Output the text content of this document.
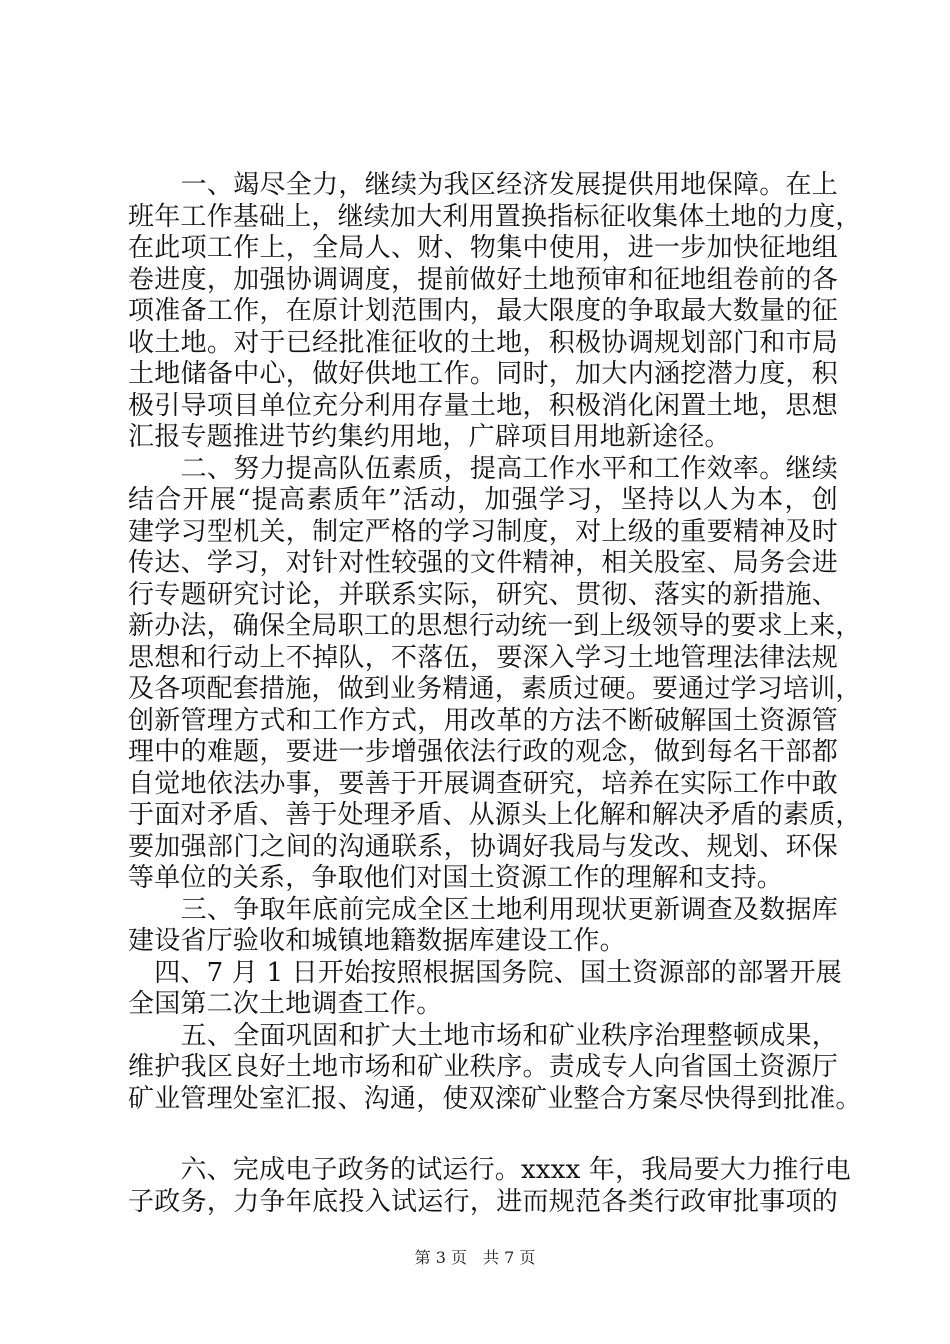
　　一、竭尽全力，继续为我区经济发展提供用地保障。在上
班年工作基础上，继续加大利用置换指标征收集体土地的力度，
在此项工作上，全局人、财、物集中使用，进一步加快征地组
卷进度，加强协调调度，提前做好土地预审和征地组卷前的各
项准备工作，在原计划范围内，最大限度的争取最大数量的征
收土地。对于已经批准征收的土地，积极协调规划部门和市局
土地储备中心，做好供地工作。同时，加大内涵挖潜力度，积
极引导项目单位充分利用存量土地，积极消化闲置土地，思想
汇报专题推进节约集约用地，广辟项目用地新途径。
　　二、努力提高队伍素质，提高工作水平和工作效率。继续
结合开展“提高素质年”活动，加强学习，坚持以人为本，创
建学习型机关，制定严格的学习制度，对上级的重要精神及时
传达、学习，对针对性较强的文件精神，相关股室、局务会进
行专题研究讨论，并联系实际，研究、贯彻、落实的新措施、
新办法，确保全局职工的思想行动统一到上级领导的要求上来，
思想和行动上不掉队，不落伍，要深入学习土地管理法律法规
及各项配套措施，做到业务精通，素质过硬。要通过学习培训，
创新管理方式和工作方式，用改革的方法不断破解国土资源管
理中的难题，要进一步增强依法行政的观念，做到每名干部都
自觉地依法办事，要善于开展调查研究，培养在实际工作中敢
于面对矛盾、善于处理矛盾、从源头上化解和解决矛盾的素质，
要加强部门之间的沟通联系，协调好我局与发改、规划、环保
等单位的关系，争取他们对国土资源工作的理解和支持。
　　三、争取年底前完成全区土地利用现状更新调查及数据库
建设省厅验收和城镇地籍数据库建设工作。
　四、7 月 1 日开始按照根据国务院、国土资源部的部署开展
全国第二次土地调查工作。
　　五、全面巩固和扩大土地市场和矿业秩序治理整顿成果，
维护我区良好土地市场和矿业秩序。责成专人向省国土资源厅
矿业管理处室汇报、沟通，使双滦矿业整合方案尽快得到批准。
　　六、完成电子政务的试运行。xxxx 年，我局要大力推行电
子政务，力争年底投入试运行，进而规范各类行政审批事项的
第 3 页　共 7 页
